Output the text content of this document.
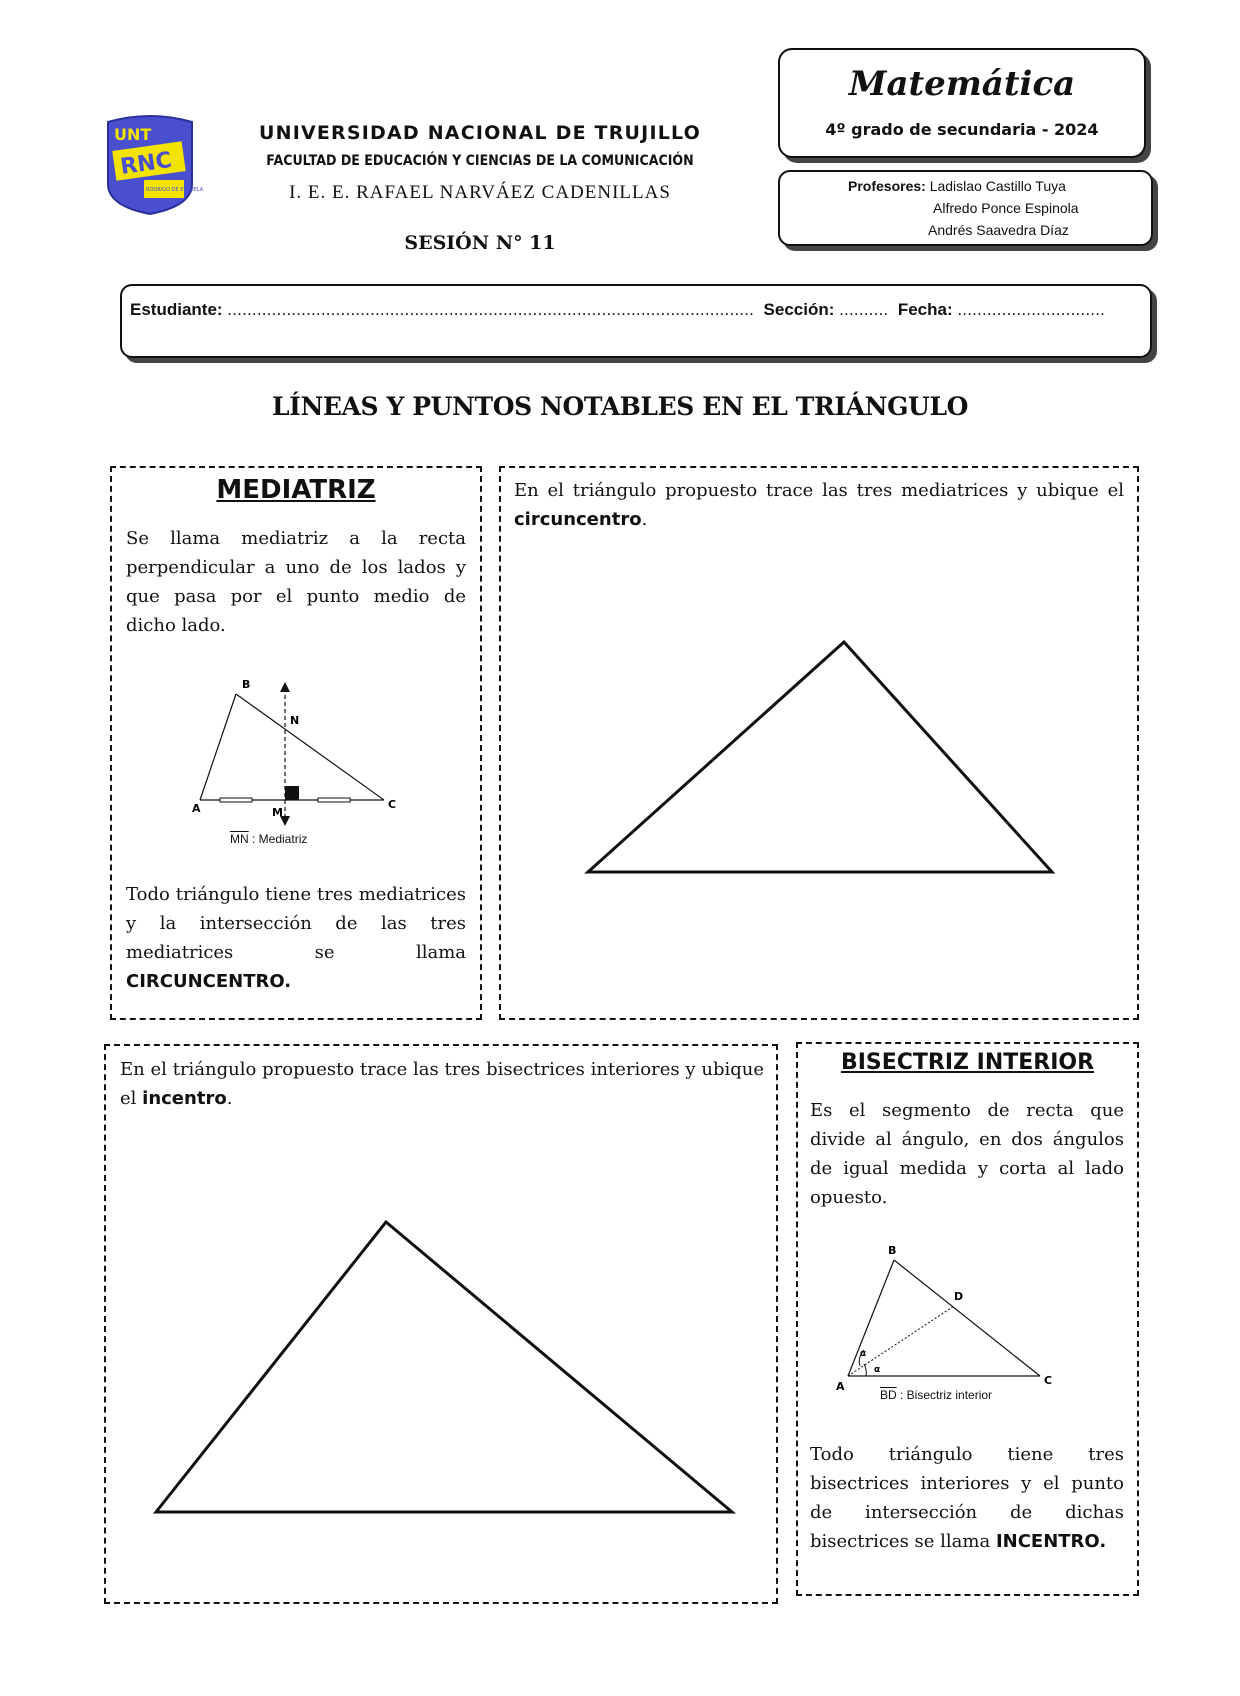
UNT
RNC
RODRIGO DE ESCUELA
UNIVERSIDAD NACIONAL DE TRUJILLO
FACULTAD DE EDUCACIÓN Y CIENCIAS DE LA COMUNICACIÓN
I. E. E. RAFAEL NARVÁEZ CADENILLAS
SESIÓN N° 11
Matemática
4º grado de secundaria - 2024
Profesores: Ladislao Castillo Tuya
Alfredo Ponce Espinola
Andrés Saavedra Díaz
Estudiante: ........................................................................................................... Sección: .......... Fecha: ..............................
LÍNEAS Y PUNTOS NOTABLES EN EL TRIÁNGULO
MEDIATRIZ
Se llama mediatriz a la recta perpendicular a uno de los lados y que pasa por el punto medio de dicho lado.
B
N
A	M
C
$\overline{MN}$ : Mediatriz
Todo triángulo tiene tres mediatrices y la intersección de las tres mediatrices se llama CIRCUNCENTRO.
En el triángulo propuesto trace las tres mediatrices y ubique el circuncentro.
En el triángulo propuesto trace las tres bisectrices interiores y ubique el incentro.
BISECTRIZ INTERIOR
Es el segmento de recta que divide al ángulo, en dos ángulos de igual medida y corta al lado opuesto.
α
α
B
D
A	C
$\overline{BD}$ : Bisectriz interior
Todo triángulo tiene tres bisectrices interiores y el punto de intersección de dichas bisectrices se llama INCENTRO.
